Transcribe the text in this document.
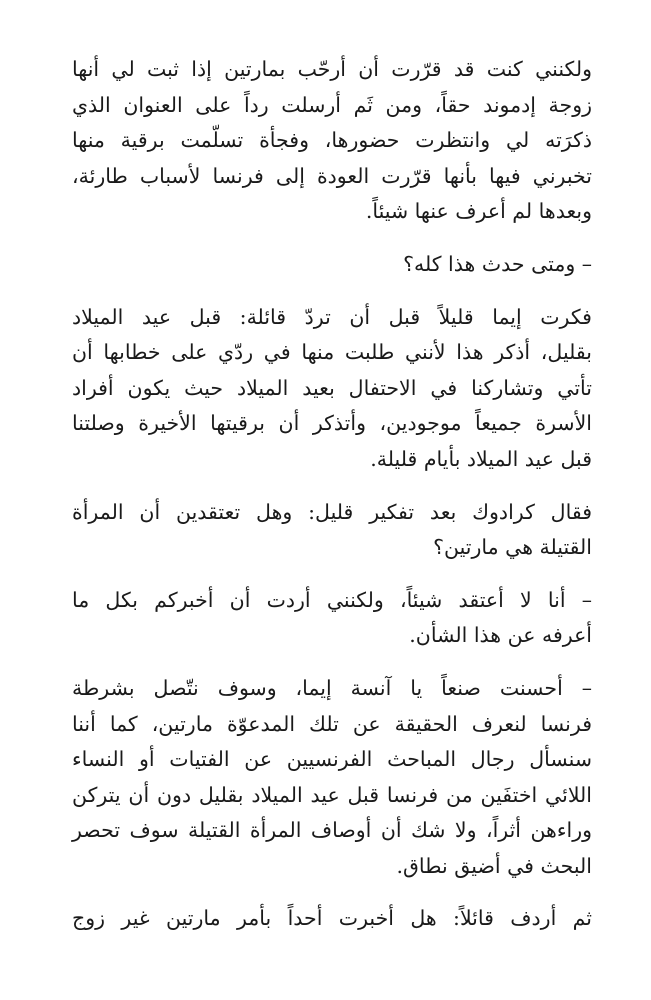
ولكنني كنت قد قرّرت أن أرحّب بمارتين إذا ثبت لي أنها
زوجة إدموند حقاً، ومن ثَم أرسلت رداً على العنوان الذي
ذكرَته لي وانتظرت حضورها، وفجأة تسلّمت برقية منها
تخبرني فيها بأنها قرّرت العودة إلى فرنسا لأسباب طارئة،
وبعدها لم أعرف عنها شيئاً.
– ومتى حدث هذا كله؟
فكرت إيما قليلاً قبل أن تردّ قائلة: قبل عيد الميلاد
بقليل، أذكر هذا لأنني طلبت منها في ردّي على خطابها أن
تأتي وتشاركنا في الاحتفال بعيد الميلاد حيث يكون أفراد
الأسرة جميعاً موجودين، وأتذكر أن برقيتها الأخيرة وصلتنا
قبل عيد الميلاد بأيام قليلة.
فقال كرادوك بعد تفكير قليل: وهل تعتقدين أن المرأة
القتيلة هي مارتين؟
– أنا لا أعتقد شيئاً، ولكنني أردت أن أخبركم بكل ما
أعرفه عن هذا الشأن.
– أحسنت صنعاً يا آنسة إيما، وسوف نتّصل بشرطة
فرنسا لنعرف الحقيقة عن تلك المدعوّة مارتين، كما أننا
سنسأل رجال المباحث الفرنسيين عن الفتيات أو النساء
اللائي اختفَين من فرنسا قبل عيد الميلاد بقليل دون أن يتركن
وراءهن أثراً، ولا شك أن أوصاف المرأة القتيلة سوف تحصر
البحث في أضيق نطاق.
ثم أردف قائلاً: هل أخبرت أحداً بأمر مارتين غير زوج
